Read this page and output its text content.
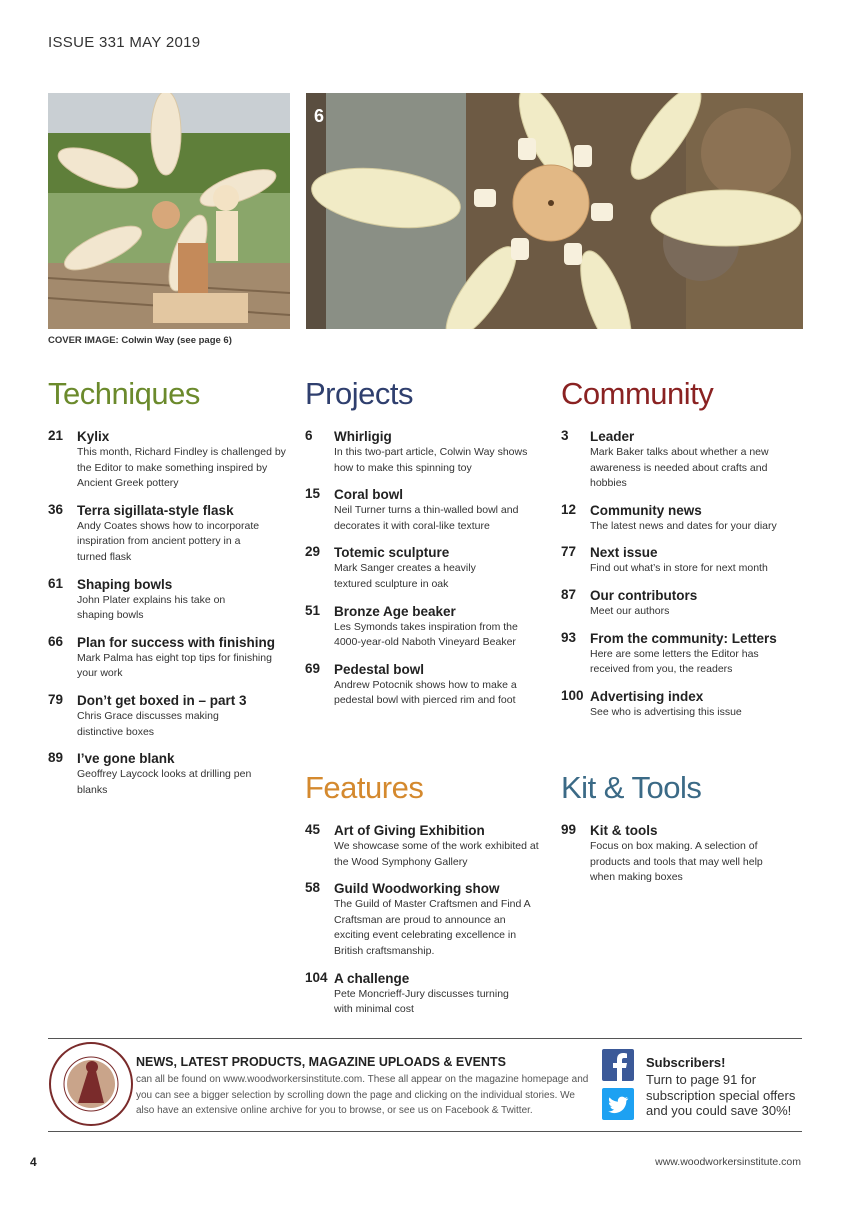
ISSUE 331 MAY 2019
6
COVER IMAGE: Colwin Way (see page 6)
Techniques
21 Kylix
This month, Richard Findley is challenged by the Editor to make something inspired by Ancient Greek pottery
36 Terra sigillata-style flask
Andy Coates shows how to incorporate inspiration from ancient pottery in a turned flask
61 Shaping bowls
John Plater explains his take on shaping bowls
66 Plan for success with finishing
Mark Palma has eight top tips for finishing your work
79 Don’t get boxed in – part 3
Chris Grace discusses making distinctive boxes
89 I’ve gone blank
Geoffrey Laycock looks at drilling pen blanks
Projects
6 Whirligig
In this two-part article, Colwin Way shows how to make this spinning toy
15 Coral bowl
Neil Turner turns a thin-walled bowl and decorates it with coral-like texture
29 Totemic sculpture
Mark Sanger creates a heavily textured sculpture in oak
51 Bronze Age beaker
Les Symonds takes inspiration from the 4000-year-old Naboth Vineyard Beaker
69 Pedestal bowl
Andrew Potocnik shows how to make a pedestal bowl with pierced rim and foot
Community
3 Leader
Mark Baker talks about whether a new awareness is needed about crafts and hobbies
12 Community news
The latest news and dates for your diary
77 Next issue
Find out what’s in store for next month
87 Our contributors
Meet our authors
93 From the community: Letters
Here are some letters the Editor has received from you, the readers
100 Advertising index
See who is advertising this issue
Features
45 Art of Giving Exhibition
We showcase some of the work exhibited at the Wood Symphony Gallery
58 Guild Woodworking show
The Guild of Master Craftsmen and Find A Craftsman are proud to announce an exciting event celebrating excellence in British craftsmanship.
104 A challenge
Pete Moncrieff-Jury discusses turning with minimal cost
Kit & Tools
99 Kit & tools
Focus on box making. A selection of products and tools that may well help when making boxes
NEWS, LATEST PRODUCTS, MAGAZINE UPLOADS & EVENTS
can all be found on www.woodworkersinstitute.com. These all appear on the magazine homepage and you can see a bigger selection by scrolling down the page and clicking on the individual stories. We also have an extensive online archive for you to browse, or see us on Facebook & Twitter.
Subscribers!
Turn to page 91 for subscription special offers and you could save 30%!
4	www.woodworkersinstitute.com
